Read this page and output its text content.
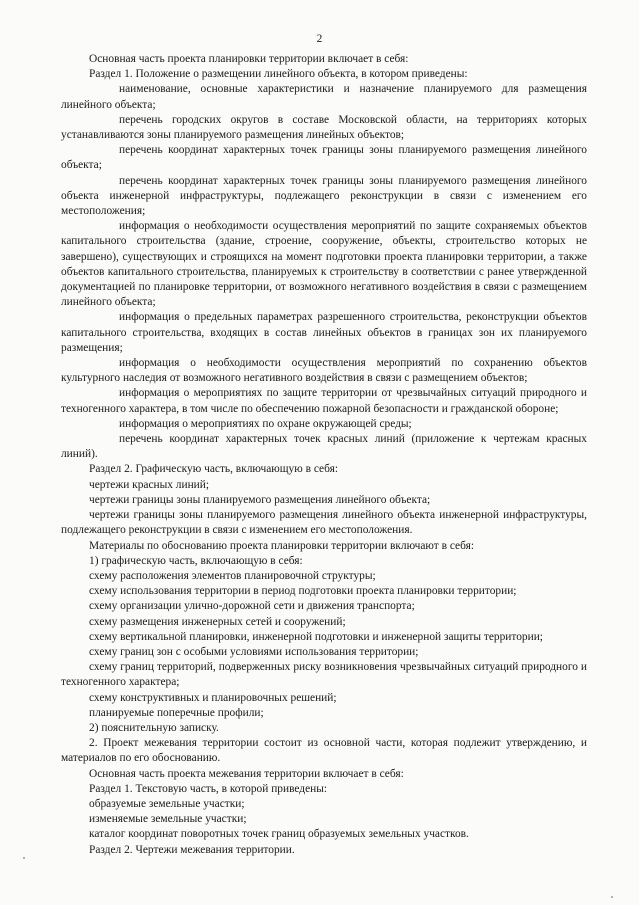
2

Основная часть проекта планировки территории включает в себя:

Раздел 1. Положение о размещении линейного объекта, в котором приведены:

наименование, основные характеристики и назначение планируемого для размещения линейного объекта;

перечень городских округов в составе Московской области, на территориях которых устанавливаются зоны планируемого размещения линейных объектов;

перечень координат характерных точек границы зоны планируемого размещения линейного объекта;

перечень координат характерных точек границы зоны планируемого размещения линейного объекта инженерной инфраструктуры, подлежащего реконструкции в связи с изменением его местоположения;

информация о необходимости осуществления мероприятий по защите сохраняемых объектов капитального строительства (здание, строение, сооружение, объекты, строительство которых не завершено), существующих и строящихся на момент подготовки проекта планировки территории, а также объектов капитального строительства, планируемых к строительству в соответствии с ранее утвержденной документацией по планировке территории, от возможного негативного воздействия в связи с размещением линейного объекта;

информация о предельных параметрах разрешенного строительства, реконструкции объектов капитального строительства, входящих в состав линейных объектов в границах зон их планируемого размещения;

информация о необходимости осуществления мероприятий по сохранению объектов культурного наследия от возможного негативного воздействия в связи с размещением объектов;

информация о мероприятиях по защите территории от чрезвычайных ситуаций природного и техногенного характера, в том числе по обеспечению пожарной безопасности и гражданской обороне;

информация о мероприятиях по охране окружающей среды;

перечень координат характерных точек красных линий (приложение к чертежам красных линий).

Раздел 2. Графическую часть, включающую в себя:

чертежи красных линий;

чертежи границы зоны планируемого размещения линейного объекта;

чертежи границы зоны планируемого размещения линейного объекта инженерной инфраструктуры, подлежащего реконструкции в связи с изменением его местоположения.

Материалы по обоснованию проекта планировки территории включают в себя:

1) графическую часть, включающую в себя:

схему расположения элементов планировочной структуры;

схему использования территории в период подготовки проекта планировки территории;

схему организации улично-дорожной сети и движения транспорта;

схему размещения инженерных сетей и сооружений;

схему вертикальной планировки, инженерной подготовки и инженерной защиты территории;

схему границ зон с особыми условиями использования территории;

схему границ территорий, подверженных риску возникновения чрезвычайных ситуаций природного и техногенного характера;

схему конструктивных и планировочных решений;

планируемые поперечные профили;

2) пояснительную записку.

2. Проект межевания территории состоит из основной части, которая подлежит утверждению, и материалов по его обоснованию.

Основная часть проекта межевания территории включает в себя:

Раздел 1. Текстовую часть, в которой приведены:

образуемые земельные участки;

изменяемые земельные участки;

каталог координат поворотных точек границ образуемых земельных участков.

Раздел 2. Чертежи межевания территории.
